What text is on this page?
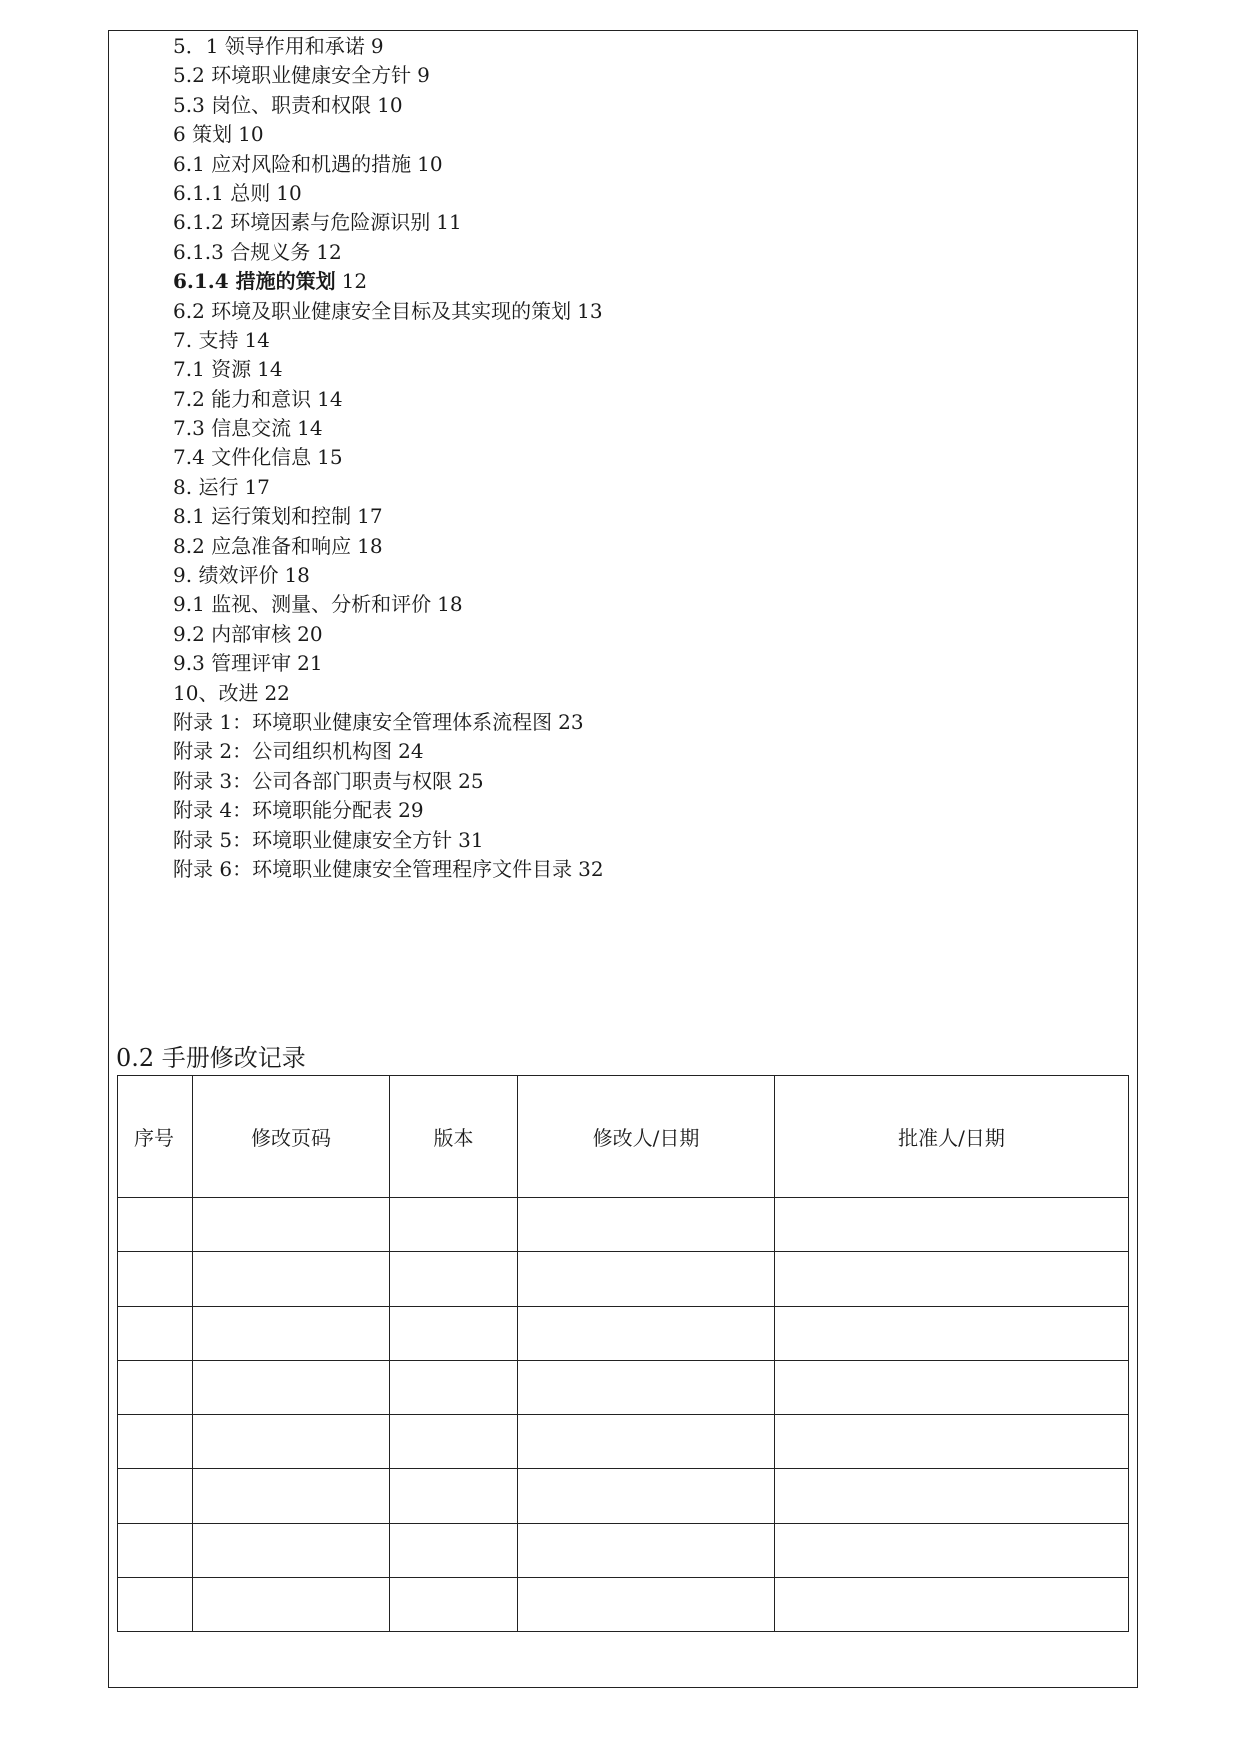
5．1 领导作用和承诺 9
5.2 环境职业健康安全方针 9
5.3 岗位、职责和权限 10
6 策划 10
6.1 应对风险和机遇的措施 10
6.1.1 总则 10
6.1.2 环境因素与危险源识别 11
6.1.3 合规义务 12
6.1.4 措施的策划 12
6.2 环境及职业健康安全目标及其实现的策划 13
7. 支持 14
7.1 资源 14
7.2 能力和意识 14
7.3 信息交流 14
7.4 文件化信息 15
8. 运行 17
8.1 运行策划和控制 17
8.2 应急准备和响应 18
9. 绩效评价 18
9.1 监视、测量、分析和评价 18
9.2 内部审核 20
9.3 管理评审 21
10、改进 22
附录 1：环境职业健康安全管理体系流程图 23
附录 2：公司组织机构图 24
附录 3：公司各部门职责与权限 25
附录 4：环境职能分配表 29
附录 5：环境职业健康安全方针 31
附录 6：环境职业健康安全管理程序文件目录 32
0.2 手册修改记录
序号	修改页码	版本	修改人/日期	批准人/日期
